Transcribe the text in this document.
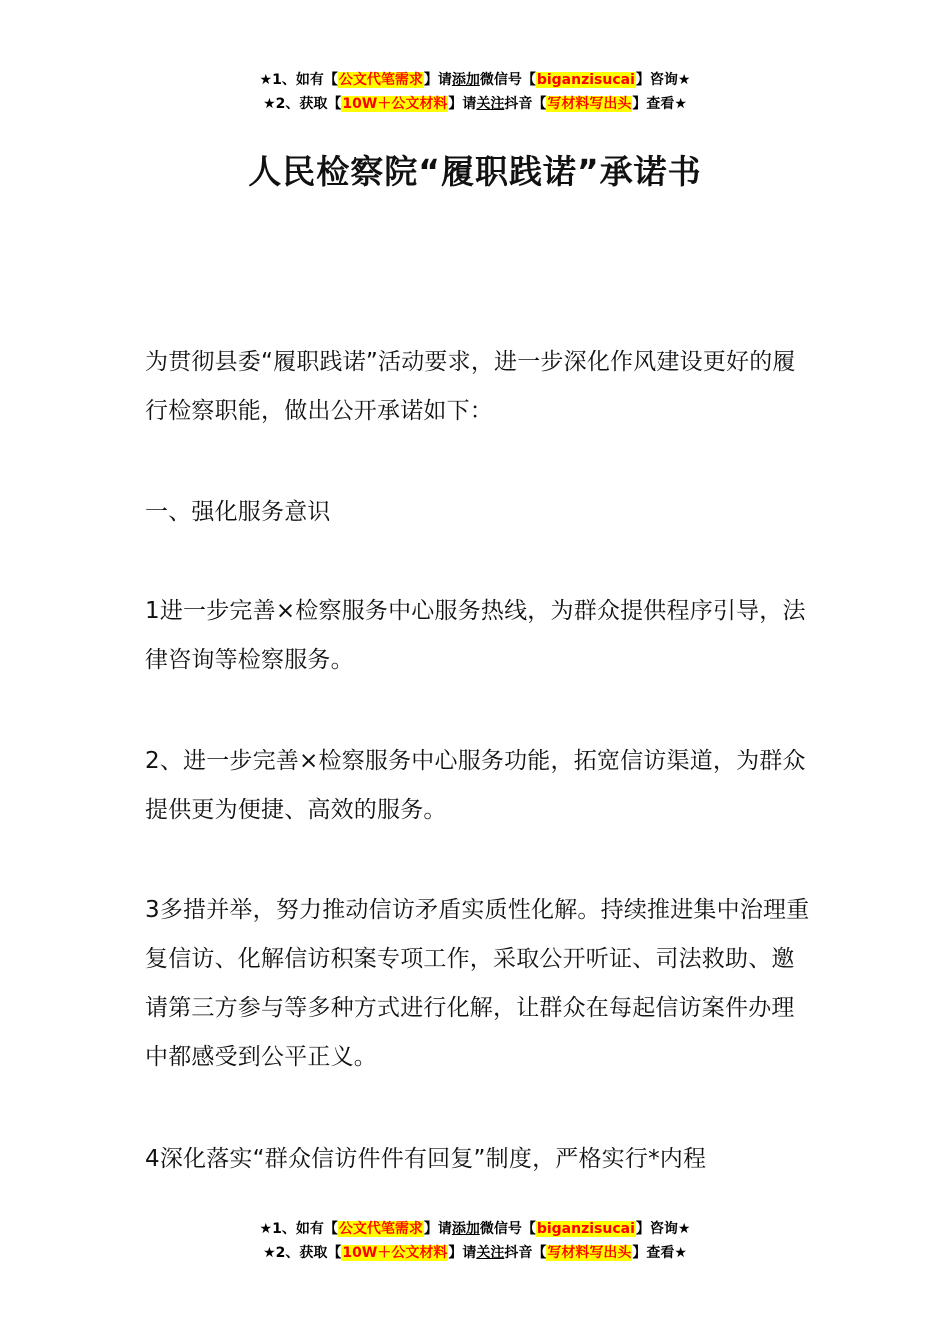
★1、如有【公文代笔需求】请添加微信号【biganzisucai】咨询★
★2、获取【10W＋公文材料】请关注抖音【写材料写出头】查看★
人民检察院“履职践诺”承诺书

为贯彻县委“履职践诺”活动要求，进一步深化作风建设更好的履行检察职能，做出公开承诺如下：

一、强化服务意识

1进一步完善×检察服务中心服务热线，为群众提供程序引导，法律咨询等检察服务。

2、进一步完善×检察服务中心服务功能，拓宽信访渠道，为群众提供更为便捷、高效的服务。

3多措并举，努力推动信访矛盾实质性化解。持续推进集中治理重复信访、化解信访积案专项工作，采取公开听证、司法救助、邀请第三方参与等多种方式进行化解，让群众在每起信访案件办理中都感受到公平正义。

4深化落实“群众信访件件有回复”制度，严格实行*内程

★1、如有【公文代笔需求】请添加微信号【biganzisucai】咨询★
★2、获取【10W＋公文材料】请关注抖音【写材料写出头】查看★
